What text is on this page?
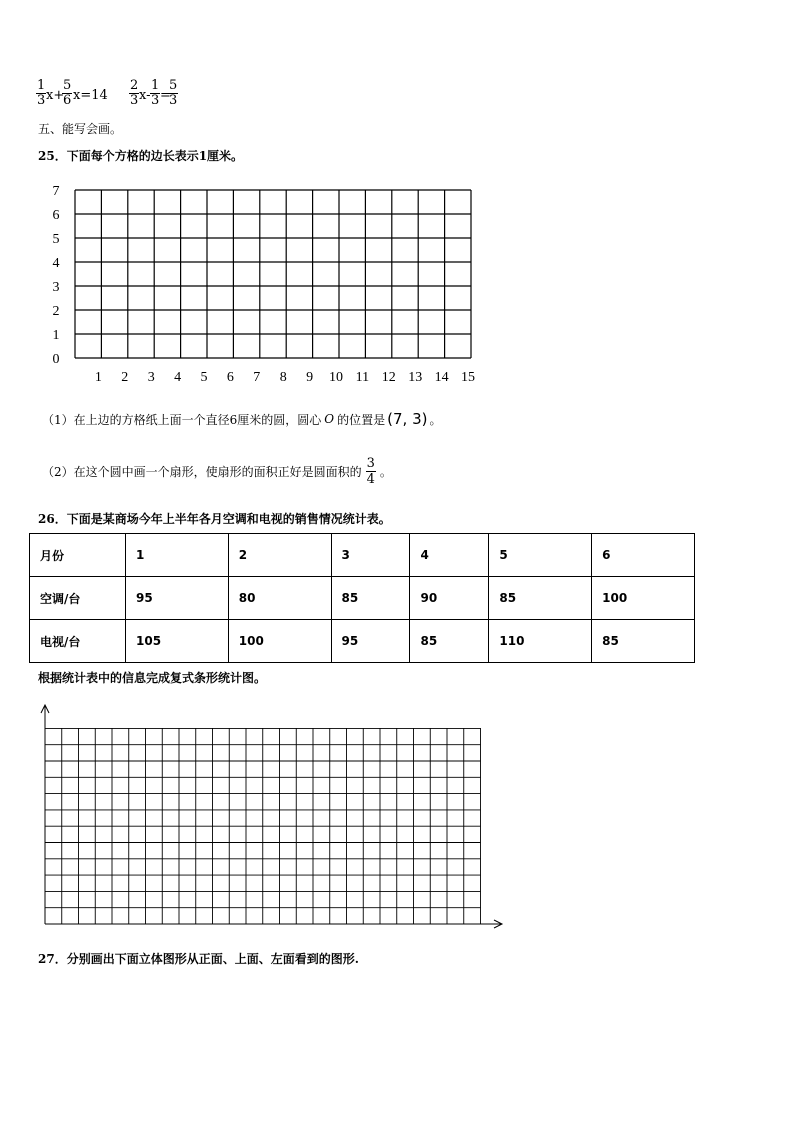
$\frac{1}{3} x+$
$\frac{5}{6} x=14 \frac{2}{3} x- \frac{1}{3}$ =
$\frac{5}{3}$
五、能写会画。
25．下面每个方格的边长表示1厘米。
0
1
2
3
4
5
6
7
1 2 3 4 5 6 7 8 9 10 11 12 13 14 15
（1）在上边的方格纸上面一个直径6厘米的圆，圆心 O 的位置是 (7, 3) 。
（2）在这个圆中画一个扇形，使扇形的面积正好是圆面积的
3
4 。
26．下面是某商场今年上半年各月空调和电视的销售情况统计表。
月份	1	2	3	4	5	6
空调/台	95	80	85	90	85	100
电视/台	105	100	95	85	110	85
根据统计表中的信息完成复式条形统计图。
27．分别画出下面立体图形从正面、上面、左面看到的图形.
